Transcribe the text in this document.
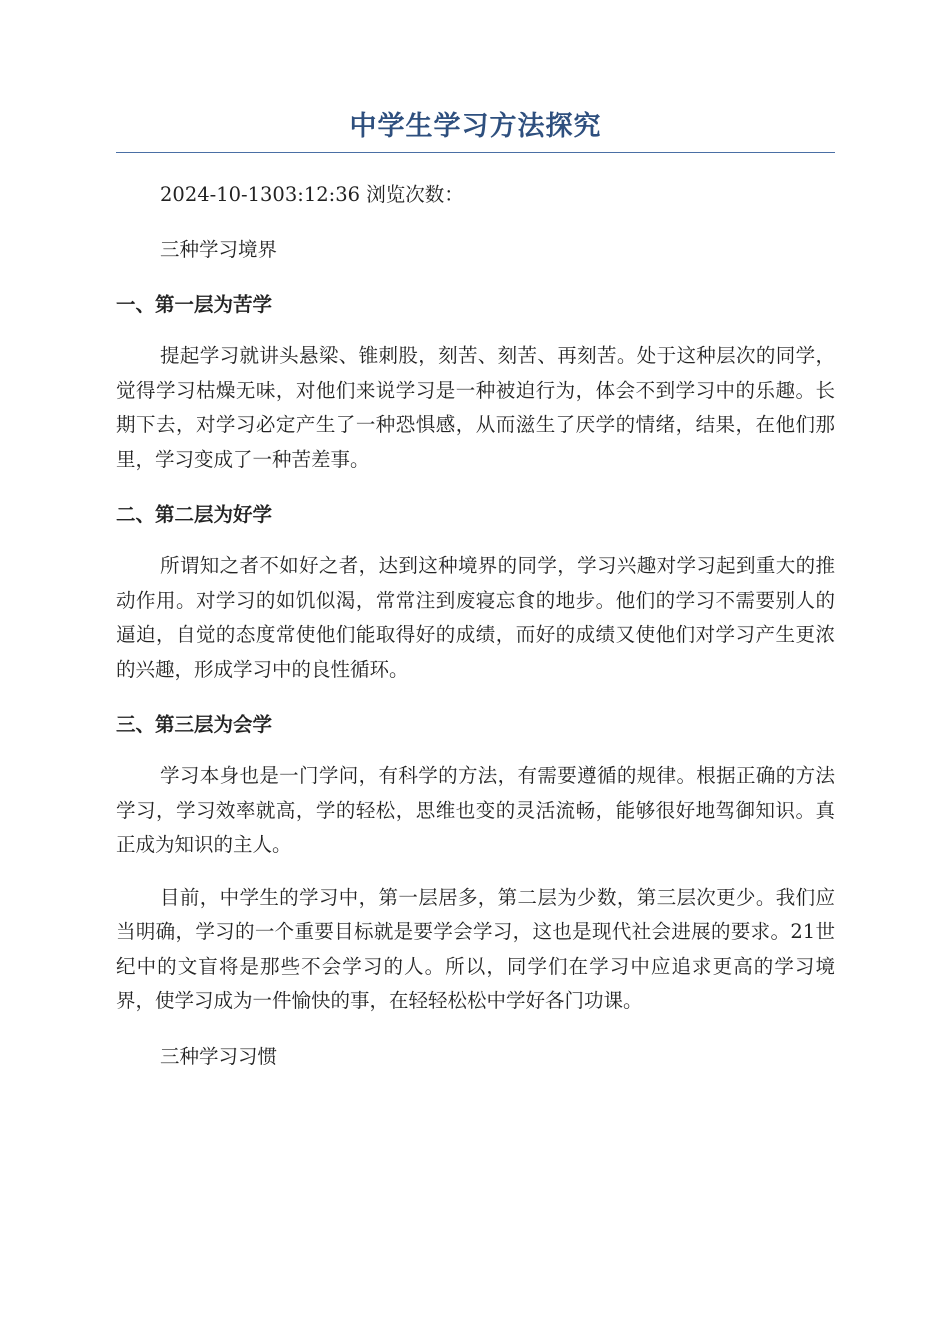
中学生学习方法探究

2024-10-1303:12:36 浏览次数：

三种学习境界

一、第一层为苦学

提起学习就讲头悬梁、锥刺股，刻苦、刻苦、再刻苦。处于这种层次的同学，觉得学习枯燥无味，对他们来说学习是一种被迫行为，体会不到学习中的乐趣。长期下去，对学习必定产生了一种恐惧感，从而滋生了厌学的情绪，结果，在他们那里，学习变成了一种苦差事。

二、第二层为好学

所谓知之者不如好之者，达到这种境界的同学，学习兴趣对学习起到重大的推动作用。对学习的如饥似渴，常常注到废寝忘食的地步。他们的学习不需要别人的逼迫，自觉的态度常使他们能取得好的成绩，而好的成绩又使他们对学习产生更浓的兴趣，形成学习中的良性循环。

三、第三层为会学

学习本身也是一门学问，有科学的方法，有需要遵循的规律。根据正确的方法学习，学习效率就高，学的轻松，思维也变的灵活流畅，能够很好地驾御知识。真正成为知识的主人。

目前，中学生的学习中，第一层居多，第二层为少数，第三层次更少。我们应当明确，学习的一个重要目标就是要学会学习，这也是现代社会进展的要求。21世纪中的文盲将是那些不会学习的人。所以，同学们在学习中应追求更高的学习境界，使学习成为一件愉快的事，在轻轻松松中学好各门功课。

三种学习习惯
